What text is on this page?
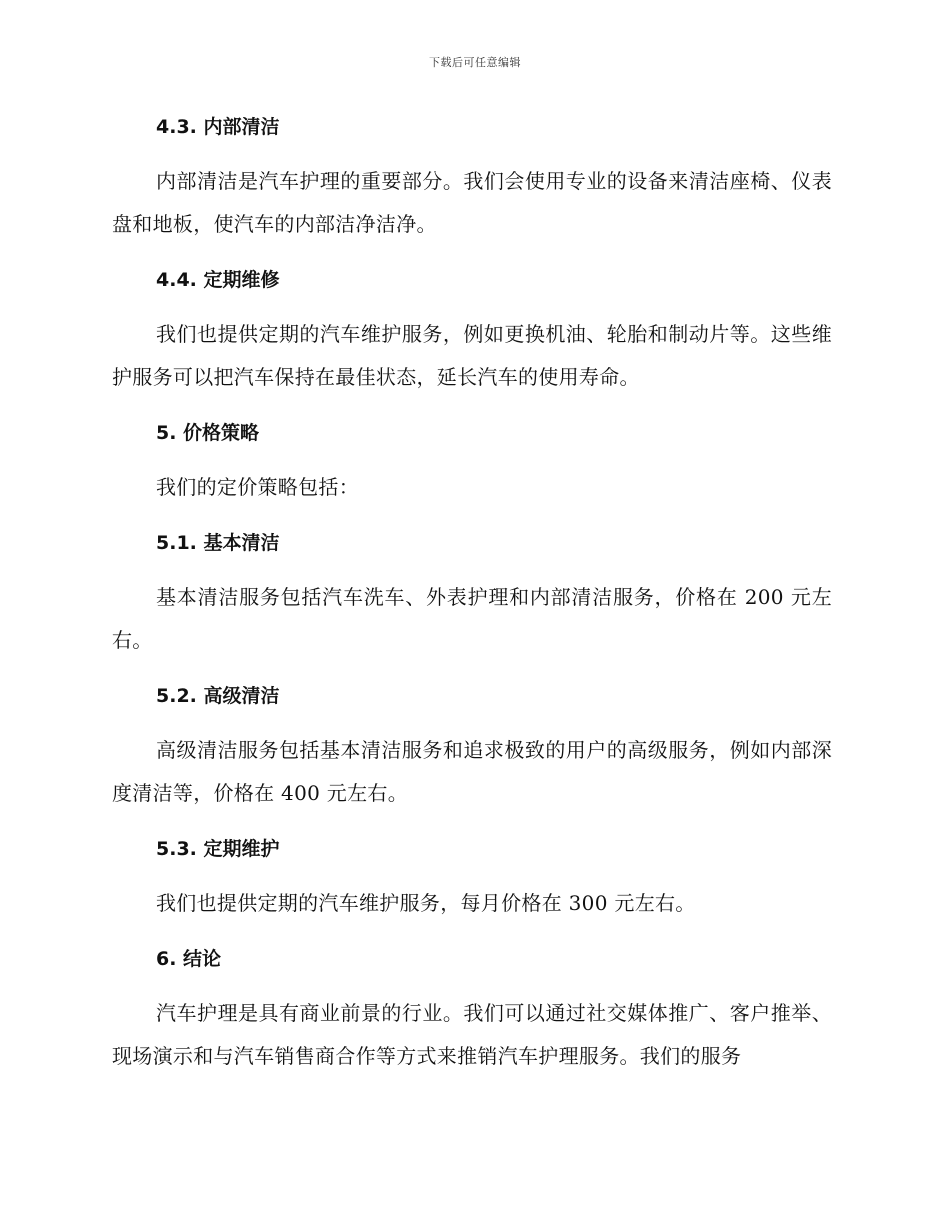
下载后可任意编辑
4.3. 内部清洁
内部清洁是汽车护理的重要部分。我们会使用专业的设备来清洁座椅、仪表盘和地板，使汽车的内部洁净洁净。
4.4. 定期维修
我们也提供定期的汽车维护服务，例如更换机油、轮胎和制动片等。这些维护服务可以把汽车保持在最佳状态，延长汽车的使用寿命。
5. 价格策略
我们的定价策略包括：
5.1. 基本清洁
基本清洁服务包括汽车洗车、外表护理和内部清洁服务，价格在 200 元左右。
5.2. 高级清洁
高级清洁服务包括基本清洁服务和追求极致的用户的高级服务，例如内部深度清洁等，价格在 400 元左右。
5.3. 定期维护
我们也提供定期的汽车维护服务，每月价格在 300 元左右。
6. 结论
汽车护理是具有商业前景的行业。我们可以通过社交媒体推广、客户推举、现场演示和与汽车销售商合作等方式来推销汽车护理服务。我们的服务
